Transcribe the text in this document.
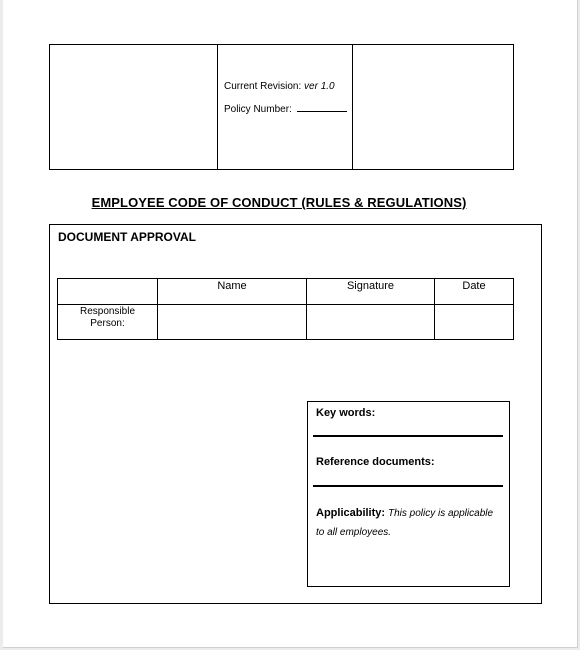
Current Revision: ver 1.0
Policy Number:
EMPLOYEE CODE OF CONDUCT (RULES & REGULATIONS)
DOCUMENT APPROVAL
	Name	Signature	Date
Responsible
Person:			
Key words:
Reference documents:
Applicability: This policy is applicable
to all employees.
